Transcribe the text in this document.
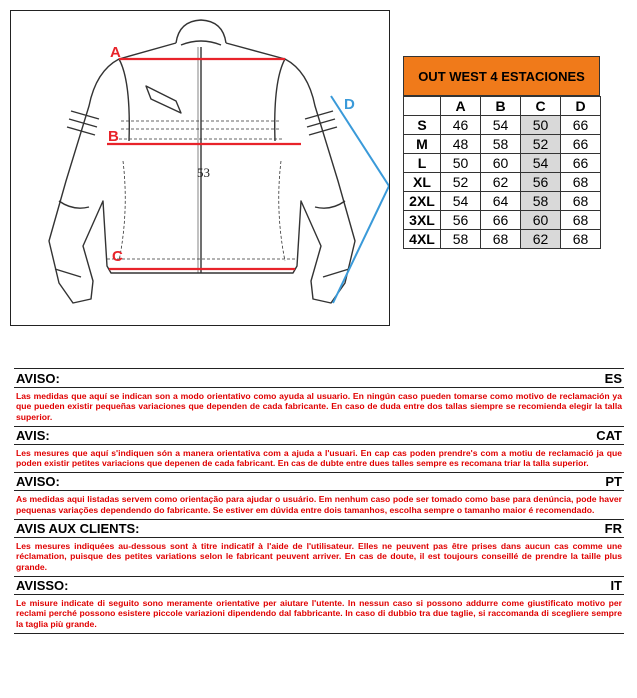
A
B
C
D
53
OUT WEST 4 ESTACIONES
	A	B	C	D
S	46	54	50	66
M	48	58	52	66
L	50	60	54	66
XL	52	62	56	68
2XL	54	64	58	68
3XL	56	66	60	68
4XL	58	68	62	68
AVISO:	ES
Las medidas que aquí se indican son a modo orientativo como ayuda al usuario. En ningún caso pueden tomarse como motivo de reclamación ya que pueden existir pequeñas variaciones que dependen de cada fabricante. En caso de duda entre dos tallas siempre se recomienda elegir la talla superior.
AVIS:	CAT
Les mesures que aquí s'indiquen són a manera orientativa com a ajuda a l'usuari. En cap cas poden prendre's com a motiu de reclamació ja que poden existir petites variacions que depenen de cada fabricant. En cas de dubte entre dues talles sempre es recomana triar la talla superior.
AVISO:	PT
As medidas aqui listadas servem como orientação para ajudar o usuário. Em nenhum caso pode ser tomado como base para denúncia, pode haver pequenas variações dependendo do fabricante. Se estiver em dúvida entre dois tamanhos, escolha sempre o tamanho maior é recomendado.
AVIS AUX CLIENTS:	FR
Les mesures indiquées au-dessous sont à titre indicatif à l'aide de l'utilisateur. Elles ne peuvent pas être prises dans aucun cas comme une réclamation, puisque des petites variations selon le fabricant peuvent arriver. En cas de doute, il est toujours conseillé de prendre la taille plus grande.
AVISSO:	IT
Le misure indicate di seguito sono meramente orientative per aiutare l'utente. In nessun caso si possono addurre come giustificato motivo per reclami perché possono esistere piccole variazioni dipendendo dal fabbricante. In caso di dubbio tra due taglie, si raccomanda di scegliere sempre la taglia più grande.
